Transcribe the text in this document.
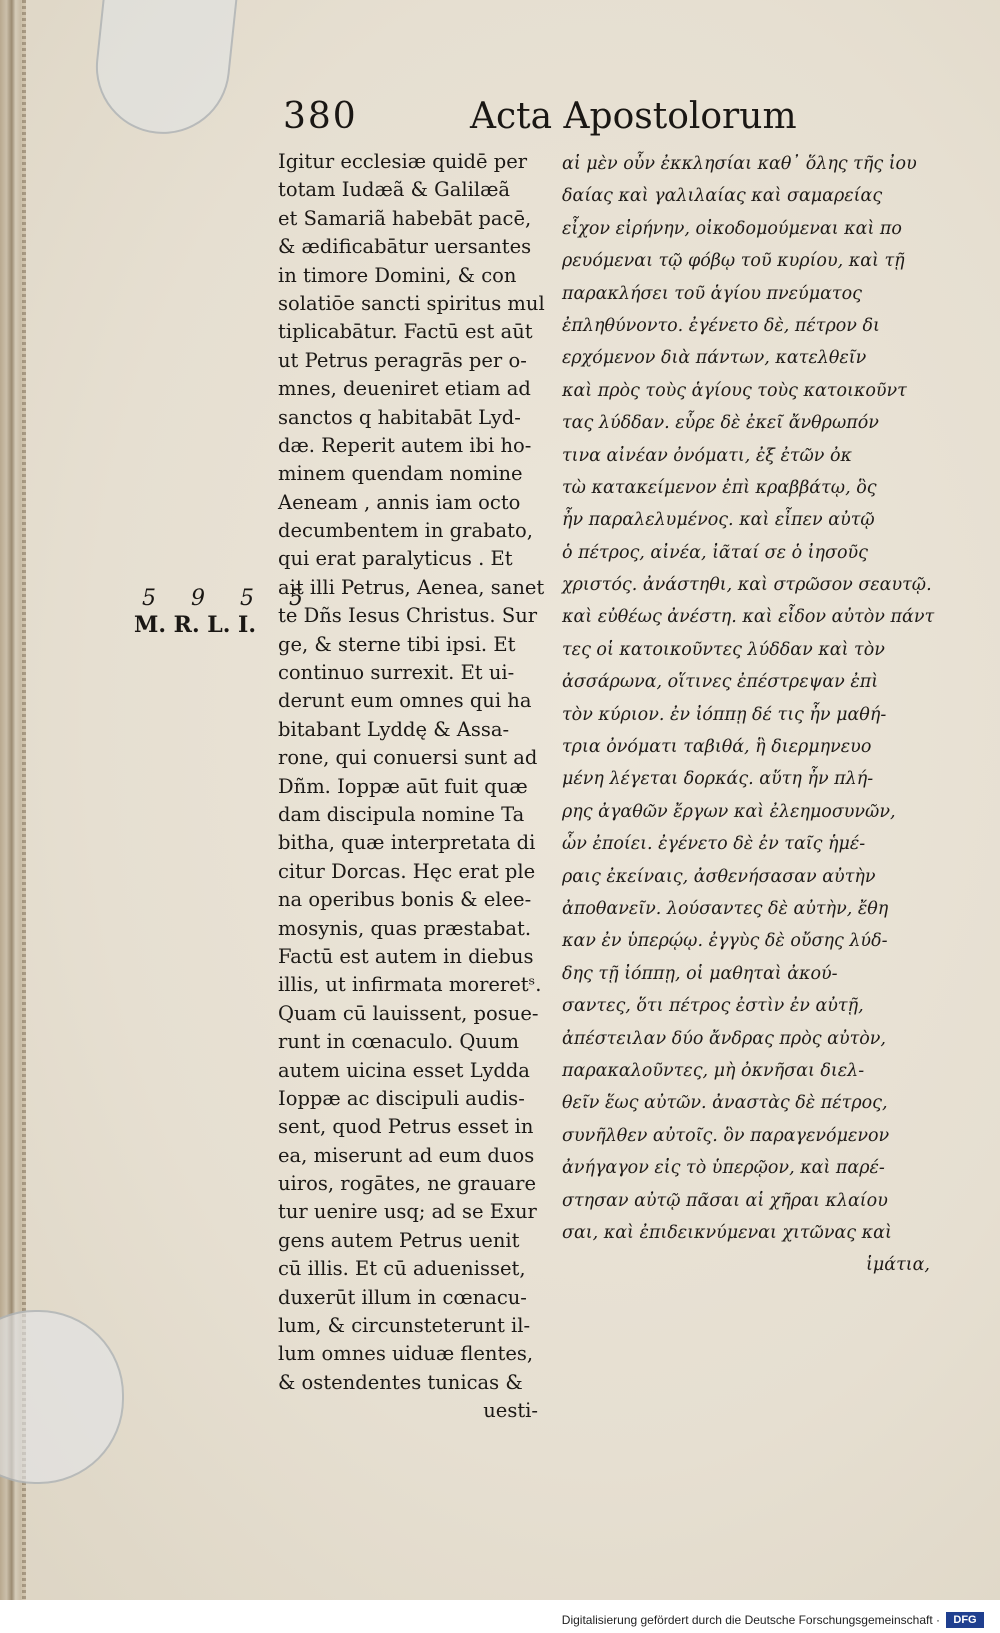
380	Acta Apostolorum
5 9 5 5
M. R. L. I.
Igitur ecclesiæ quidē per
totam Iudæã & Galilæã
et Samariã habebāt pacē,
& ædificabātur uersantes
in timore Domini, & con
solatiōe sancti spiritus mul
tiplicabātur. Factū est aūt
ut Petrus peragrās per o-
mnes, deueniret etiam ad
sanctos q habitabāt Lyd-
dæ. Reperit autem ibi ho-
minem quendam nomine
Aeneam , annis iam octo
decumbentem in grabato,
qui erat paralyticus . Et
ait illi Petrus, Aenea, sanet
te Dñs Iesus Christus. Sur
ge, & sterne tibi ipsi. Et
continuo surrexit. Et ui-
derunt eum omnes qui ha
bitabant Lyddę & Assa-
rone, qui conuersi sunt ad
Dñm. Ioppæ aūt fuit quæ
dam discipula nomine Ta
bitha, quæ interpretata di
citur Dorcas. Hęc erat ple
na operibus bonis & elee-
mosynis, quas præstabat.
Factū est autem in diebus
illis, ut infirmata moreretˢ.
Quam cū lauissent, posue-
runt in cœnaculo. Quum
autem uicina esset Lydda
Ioppæ ac discipuli audis-
sent, quod Petrus esset in
ea, miserunt ad eum duos
uiros, rogātes, ne grauare
tur uenire usq; ad se Exur
gens autem Petrus uenit
cū illis. Et cū aduenisset,
duxerūt illum in cœnacu-
lum, & circunsteterunt il-
lum omnes uiduæ flentes,
& ostendentes tunicas &
uesti-
αἱ μὲν οὖν ἐκκλησίαι καθ᾽ ὅλης τῆς ἰου
δαίας καὶ γαλιλαίας καὶ σαμαρείας
εἶχον εἰρήνην, οἰκοδομούμεναι καὶ πο
ρευόμεναι τῷ φόβῳ τοῦ κυρίου, καὶ τῇ
παρακλήσει τοῦ ἁγίου πνεύματος
ἐπληθύνοντο. ἐγένετο δὲ, πέτρον δι
ερχόμενον διὰ πάντων, κατελθεῖν
καὶ πρὸς τοὺς ἁγίους τοὺς κατοικοῦντ
τας λύδδαν. εὗρε δὲ ἐκεῖ ἄνθρωπόν
τινα αἰνέαν ὀνόματι, ἐξ ἐτῶν ὀκ
τὼ κατακείμενον ἐπὶ κραββάτῳ, ὃς
ἦν παραλελυμένος. καὶ εἶπεν αὐτῷ
ὁ πέτρος, αἰνέα, ἰᾶταί σε ὁ ἰησοῦς
χριστός. ἀνάστηθι, καὶ στρῶσον σεαυτῷ.
καὶ εὐθέως ἀνέστη. καὶ εἶδον αὐτὸν πάντ
τες οἱ κατοικοῦντες λύδδαν καὶ τὸν
ἀσσάρωνα, οἵτινες ἐπέστρεψαν ἐπὶ
τὸν κύριον. ἐν ἰόππῃ δέ τις ἦν μαθή-
τρια ὀνόματι ταβιθά, ἣ διερμηνευο
μένη λέγεται δορκάς. αὕτη ἦν πλή-
ρης ἀγαθῶν ἔργων καὶ ἐλεημοσυνῶν,
ὧν ἐποίει. ἐγένετο δὲ ἐν ταῖς ἡμέ-
ραις ἐκείναις, ἀσθενήσασαν αὐτὴν
ἀποθανεῖν. λούσαντες δὲ αὐτὴν, ἔθη
καν ἐν ὑπερῴῳ. ἐγγὺς δὲ οὔσης λύδ-
δης τῇ ἰόππῃ, οἱ μαθηταὶ ἀκού-
σαντες, ὅτι πέτρος ἐστὶν ἐν αὐτῇ,
ἀπέστειλαν δύο ἄνδρας πρὸς αὐτὸν,
παρακαλοῦντες, μὴ ὀκνῆσαι διελ-
θεῖν ἕως αὐτῶν. ἀναστὰς δὲ πέτρος,
συνῆλθεν αὐτοῖς. ὃν παραγενόμενον
ἀνήγαγον εἰς τὸ ὑπερῷον, καὶ παρέ-
στησαν αὐτῷ πᾶσαι αἱ χῆραι κλαίου
σαι, καὶ ἐπιδεικνύμεναι χιτῶνας καὶ
ἱμάτια,
Digitalisierung gefördert durch die Deutsche Forschungsgemeinschaft ·	DFG
